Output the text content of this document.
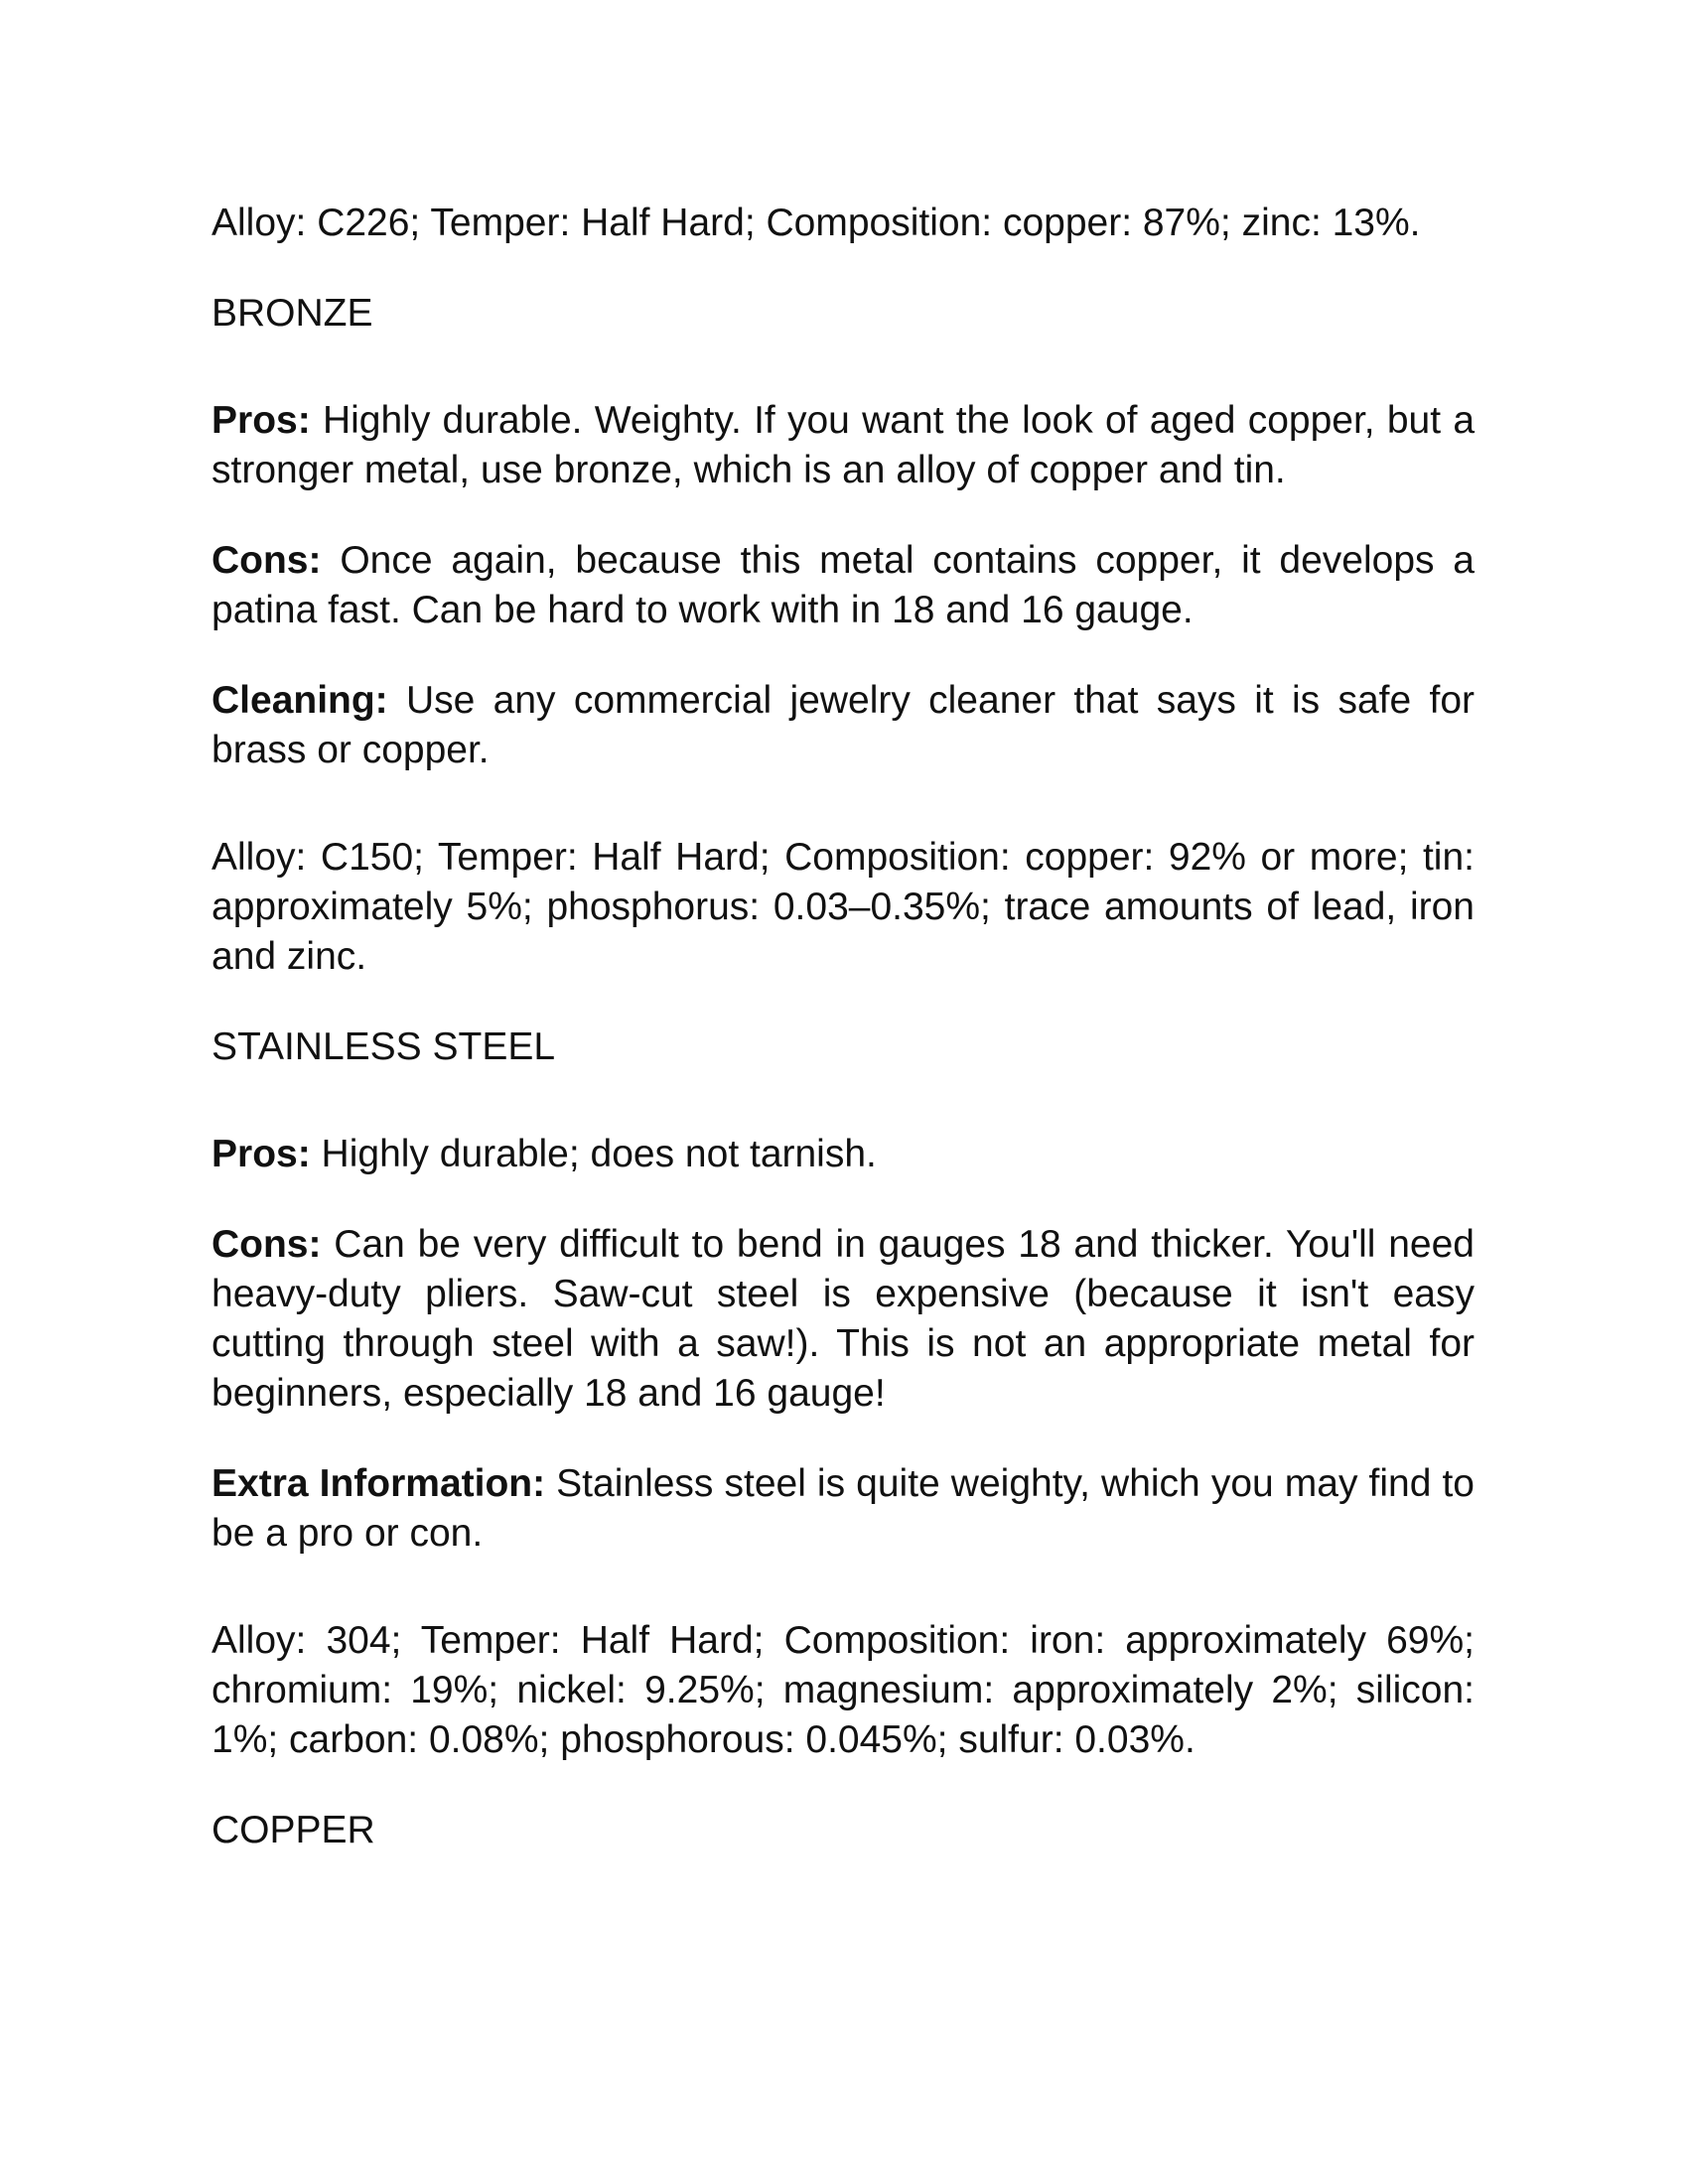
Alloy: C226; Temper: Half Hard; Composition: copper: 87%; zinc: 13%.

BRONZE

Pros: Highly durable. Weighty. If you want the look of aged copper, but a stronger metal, use bronze, which is an alloy of copper and tin.

Cons: Once again, because this metal contains copper, it develops a patina fast. Can be hard to work with in 18 and 16 gauge.

Cleaning: Use any commercial jewelry cleaner that says it is safe for brass or copper.

Alloy: C150; Temper: Half Hard; Composition: copper: 92% or more; tin: approximately 5%; phosphorus: 0.03–0.35%; trace amounts of lead, iron and zinc.

STAINLESS STEEL

Pros: Highly durable; does not tarnish.

Cons: Can be very difficult to bend in gauges 18 and thicker. You'll need heavy-duty pliers. Saw-cut steel is expensive (because it isn't easy cutting through steel with a saw!). This is not an appropriate metal for beginners, especially 18 and 16 gauge!

Extra Information: Stainless steel is quite weighty, which you may find to be a pro or con.

Alloy: 304; Temper: Half Hard; Composition: iron: approximately 69%; chromium: 19%; nickel: 9.25%; magnesium: approximately 2%; silicon: 1%; carbon: 0.08%; phosphorous: 0.045%; sulfur: 0.03%.

COPPER
